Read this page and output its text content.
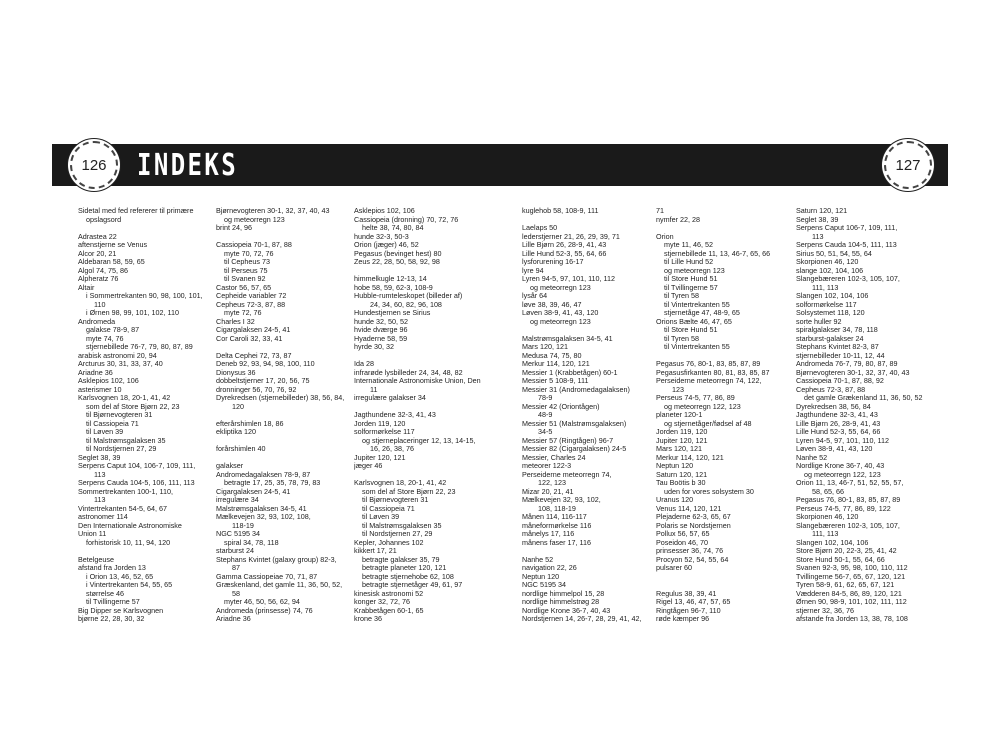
126 INDEKS	127
Sidetal med fed refererer til primære
opslagsord
Adrastea 22
aftenstjerne se Venus
Alcor 20, 21
Aldebaran 58, 59, 65
Algol 74, 75, 86
Alpheratz 76
Altair
i Sommertrekanten 90, 98, 100, 101,
110
i Ørnen 98, 99, 101, 102, 110
Andromeda
galakse 78-9, 87
myte 74, 76
stjernebillede 76-7, 79, 80, 87, 89
arabisk astronomi 20, 94
Arcturus 30, 31, 33, 37, 40
Ariadne 36
Asklepios 102, 106
asterismer 10
Karlsvognen 18, 20-1, 41, 42
som del af Store Bjørn 22, 23
til Bjørnevogteren 31
til Cassiopeia 71
til Løven 39
til Malstrømsgalaksen 35
til Nordstjernen 27, 29
Seglet 38, 39
Serpens Caput 104, 106-7, 109, 111,
113
Serpens Cauda 104-5, 106, 111, 113
Sommertrekanten 100-1, 110,
113
Vintertrekanten 54-5, 64, 67
astronomer 114
Den Internationale Astronomiske
Union 11
forhistorisk 10, 11, 94, 120
Betelgeuse
afstand fra Jorden 13
i Orion 13, 46, 52, 65
i Vintertrekanten 54, 55, 65
størrelse 46
til Tvillingerne 57
Big Dipper se Karlsvognen
bjørne 22, 28, 30, 32
Bjørnevogteren 30-1, 32, 37, 40, 43
og meteorregn 123
brint 24, 96
Cassiopeia 70-1, 87, 88
myte 70, 72, 76
til Cepheus 73
til Perseus 75
til Svanen 92
Castor 56, 57, 65
Cepheide variabler 72
Cepheus 72-3, 87, 88
myte 72, 76
Charles I 32
Cigargalaksen 24-5, 41
Cor Caroli 32, 33, 41
Delta Cephei 72, 73, 87
Deneb 92, 93, 94, 98, 100, 110
Dionysus 36
dobbeltstjerner 17, 20, 56, 75
dronninger 56, 70, 76, 92
Dyrekredsen (stjernebilleder) 38, 56, 84,
120
efterårshimlen 18, 86
ekliptika 120
forårshimlen 40
galakser
Andromedagalaksen 78-9, 87
betragte 17, 25, 35, 78, 79, 83
Cigargalaksen 24-5, 41
irregulære 34
Malstrømsgalaksen 34-5, 41
Mælkevejen 32, 93, 102, 108,
118-19
NGC 5195 34
spiral 34, 78, 118
starburst 24
Stephans Kvintet (galaxy group) 82-3,
87
Gamma Cassiopeiae 70, 71, 87
Græskenland, det gamle 11, 36, 50, 52,
58
myter 46, 50, 56, 62, 94
Andromeda (prinsesse) 74, 76
Ariadne 36
Asklepios 102, 106
Cassiopeia (dronning) 70, 72, 76
helte 38, 74, 80, 84
hunde 32-3, 50-3
Orion (jæger) 46, 52
Pegasus (bevinget hest) 80
Zeus 22, 28, 50, 58, 92, 98
himmelkugle 12-13, 14
hobe 58, 59, 62-3, 108-9
Hubble-rumteleskopet (billeder af)
24, 34, 60, 82, 96, 108
Hundestjernen se Sirius
hunde 32, 50, 52
hvide dværge 96
Hyaderne 58, 59
hyrde 30, 32
Ida 28
infrarøde lysbilleder 24, 34, 48, 82
Internationale Astronomiske Union, Den
11
irregulære galakser 34
Jagthundene 32-3, 41, 43
Jorden 119, 120
solformørkelse 117
og stjerneplaceringer 12, 13, 14-15,
16, 26, 38, 76
Jupiter 120, 121
jæger 46
Karlsvognen 18, 20-1, 41, 42
som del af Store Bjørn 22, 23
til Bjørnevogteren 31
til Cassiopeia 71
til Løven 39
til Malstrømsgalaksen 35
til Nordstjernen 27, 29
Kepler, Johannes 102
kikkert 17, 21
betragte galakser 35, 79
betragte planeter 120, 121
betragte stjernehobe 62, 108
betragte stjernetåger 49, 61, 97
kinesisk astronomi 52
konger 32, 72, 76
Krabbetågen 60-1, 65
krone 36
kuglehob 58, 108-9, 111
Laelaps 50
lederstjerner 21, 26, 29, 39, 71
Lille Bjørn 26, 28-9, 41, 43
Lille Hund 52-3, 55, 64, 66
lysforurening 16-17
lyre 94
Lyren 94-5, 97, 101, 110, 112
og meteorregn 123
lysår 64
løve 38, 39, 46, 47
Løven 38-9, 41, 43, 120
og meteorregn 123
Malstrømsgalaksen 34-5, 41
Mars 120, 121
Medusa 74, 75, 80
Merkur 114, 120, 121
Messier 1 (Krabbetågen) 60-1
Messier 5 108-9, 111
Messier 31 (Andromedagalaksen)
78-9
Messier 42 (Oriontågen)
48-9
Messier 51 (Malstrømsgalaksen)
34-5
Messier 57 (Ringtågen) 96-7
Messier 82 (Cigargalaksen) 24-5
Messier, Charles 24
meteorer 122-3
Perseiderne meteorregn 74,
122, 123
Mizar 20, 21, 41
Mælkevejen 32, 93, 102,
108, 118-19
Månen 114, 116-117
måneformørkelse 116
månelys 17, 116
månens faser 17, 116
Nanhe 52
navigation 22, 26
Neptun 120
NGC 5195 34
nordlige himmelpol 15, 28
nordlige himmelstrøg 28
Nordlige Krone 36-7, 40, 43
Nordstjernen 14, 26-7, 28, 29, 41, 42,
71
nymfer 22, 28
Orion
myte 11, 46, 52
stjernebillede 11, 13, 46-7, 65, 66
til Lille Hund 52
og meteorregn 123
til Store Hund 51
til Tvillingerne 57
til Tyren 58
til Vintertrekanten 55
stjernetåge 47, 48-9, 65
Orions Bælte 46, 47, 65
til Store Hund 51
til Tyren 58
til Vintertrekanten 55
Pegasus 76, 80-1, 83, 85, 87, 89
Pegasusfirkanten 80, 81, 83, 85, 87
Perseiderne meteorregn 74, 122,
123
Perseus 74-5, 77, 86, 89
og meteorregn 122, 123
planeter 120-1
og stjernetåger/fødsel af 48
Jorden 119, 120
Jupiter 120, 121
Mars 120, 121
Merkur 114, 120, 121
Neptun 120
Saturn 120, 121
Tau Boötis b 30
uden for vores solsystem 30
Uranus 120
Venus 114, 120, 121
Plejaderne 62-3, 65, 67
Polaris se Nordstjernen
Pollux 56, 57, 65
Poseidon 46, 70
prinsesser 36, 74, 76
Procyon 52, 54, 55, 64
pulsarer 60
Regulus 38, 39, 41
Rigel 13, 46, 47, 57, 65
Ringtågen 96-7, 110
røde kæmper 96
Saturn 120, 121
Seglet 38, 39
Serpens Caput 106-7, 109, 111,
113
Serpens Cauda 104-5, 111, 113
Sirius 50, 51, 54, 55, 64
Skorpionen 46, 120
slange 102, 104, 106
Slangebæreren 102-3, 105, 107,
111, 113
Slangen 102, 104, 106
solformørkelse 117
Solsystemet 118, 120
sorte huller 92
spiralgalakser 34, 78, 118
starburst-galakser 24
Stephans Kvintet 82-3, 87
stjernebilleder 10-11, 12, 44
Andromeda 76-7, 79, 80, 87, 89
Bjørnevogteren 30-1, 32, 37, 40, 43
Cassiopeia 70-1, 87, 88, 92
Cepheus 72-3, 87, 88
det gamle Grækenland 11, 36, 50, 52
Dyrekredsen 38, 56, 84
Jagthundene 32-3, 41, 43
Lille Bjørn 26, 28-9, 41, 43
Lille Hund 52-3, 55, 64, 66
Lyren 94-5, 97, 101, 110, 112
Løven 38-9, 41, 43, 120
Nanhe 52
Nordlige Krone 36-7, 40, 43
og meteorregn 122, 123
Orion 11, 13, 46-7, 51, 52, 55, 57,
58, 65, 66
Pegasus 76, 80-1, 83, 85, 87, 89
Perseus 74-5, 77, 86, 89, 122
Skorpionen 46, 120
Slangebæreren 102-3, 105, 107,
111, 113
Slangen 102, 104, 106
Store Bjørn 20, 22-3, 25, 41, 42
Store Hund 50-1, 55, 64, 66
Svanen 92-3, 95, 98, 100, 110, 112
Tvillingerne 56-7, 65, 67, 120, 121
Tyren 58-9, 61, 62, 65, 67, 121
Vædderen 84-5, 86, 89, 120, 121
Ørnen 90, 98-9, 101, 102, 111, 112
stjerner 32, 36, 76
afstande fra Jorden 13, 38, 78, 108
